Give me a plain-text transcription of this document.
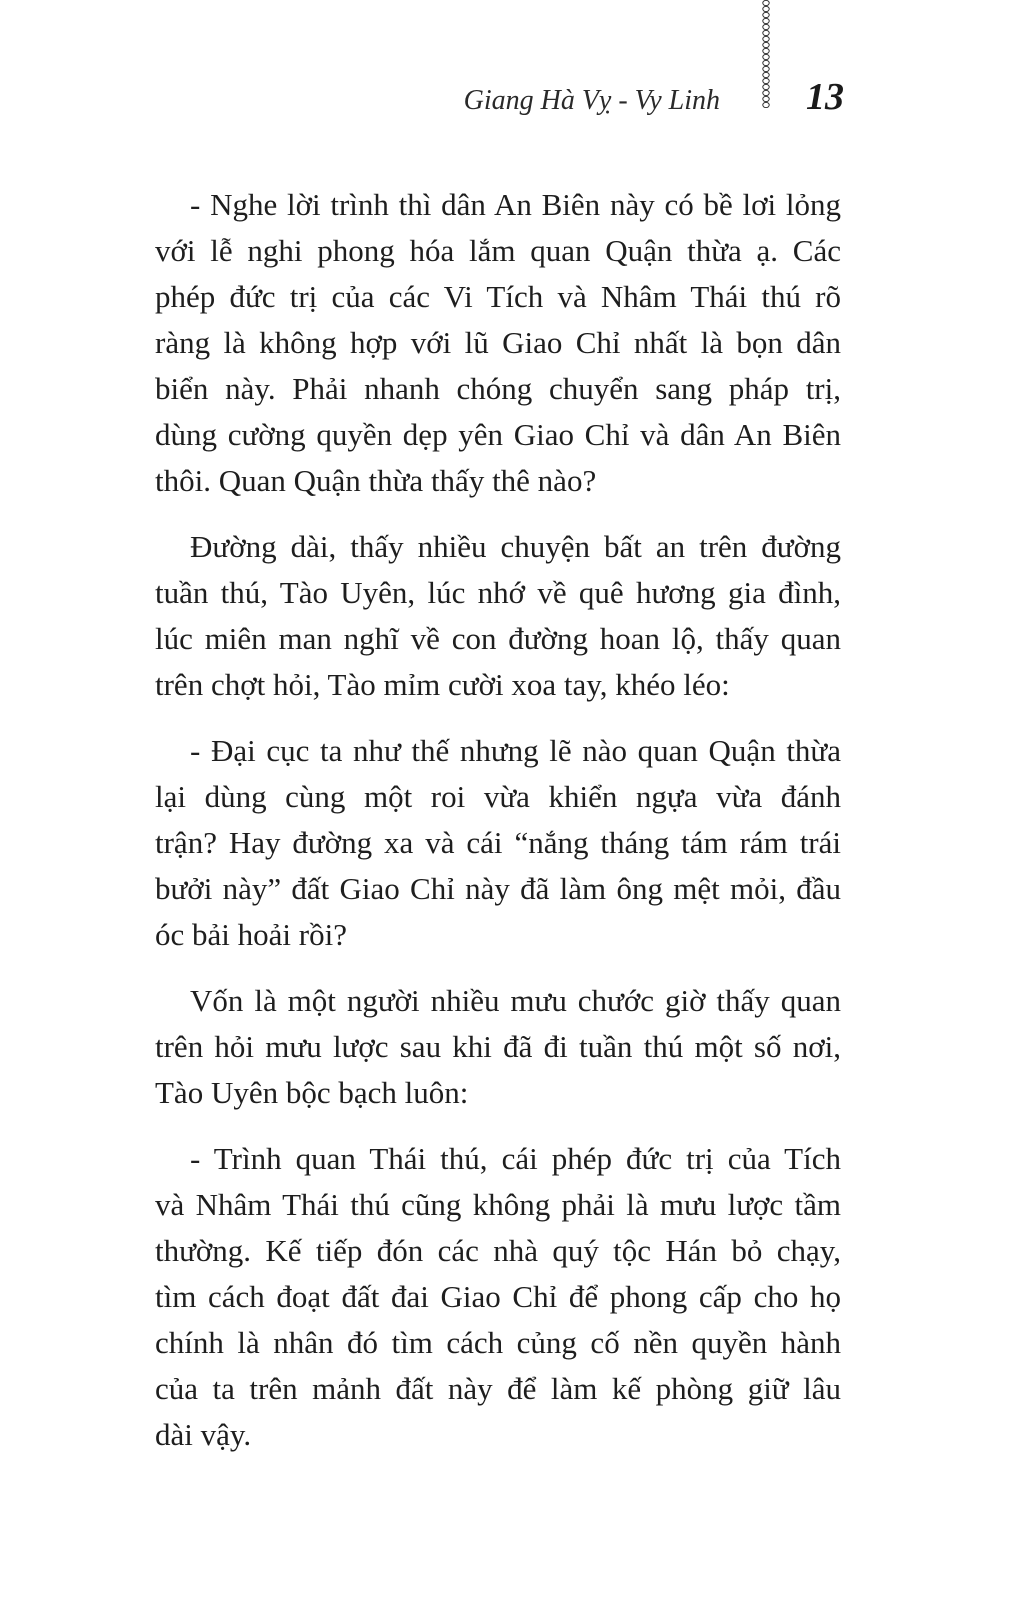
Giang Hà Vỵ - Vy Linh 13
- Nghe lời trình thì dân An Biên này có bề lơi lỏng
với lễ nghi phong hóa lắm quan Quận thừa ạ. Các
phép đức trị của các Vi Tích và Nhâm Thái thú rõ
ràng là không hợp với lũ Giao Chỉ nhất là bọn dân
biển này. Phải nhanh chóng chuyển sang pháp trị,
dùng cường quyền dẹp yên Giao Chỉ và dân An Biên
thôi. Quan Quận thừa thấy thê nào?
Đường dài, thấy nhiều chuyện bất an trên đường
tuần thú, Tào Uyên, lúc nhớ về quê hương gia đình,
lúc miên man nghĩ về con đường hoan lộ, thấy quan
trên chợt hỏi, Tào mỉm cười xoa tay, khéo léo:
- Đại cục ta như thế nhưng lẽ nào quan Quận thừa
lại dùng cùng một roi vừa khiển ngựa vừa đánh
trận? Hay đường xa và cái “nắng tháng tám rám trái
bưởi này” đất Giao Chỉ này đã làm ông mệt mỏi, đầu
óc bải hoải rồi?
Vốn là một người nhiều mưu chước giờ thấy quan
trên hỏi mưu lược sau khi đã đi tuần thú một số nơi,
Tào Uyên bộc bạch luôn:
- Trình quan Thái thú, cái phép đức trị của Tích
và Nhâm Thái thú cũng không phải là mưu lược tầm
thường. Kế tiếp đón các nhà quý tộc Hán bỏ chạy,
tìm cách đoạt đất đai Giao Chỉ để phong cấp cho họ
chính là nhân đó tìm cách củng cố nền quyền hành
của ta trên mảnh đất này để làm kế phòng giữ lâu
dài vậy.
